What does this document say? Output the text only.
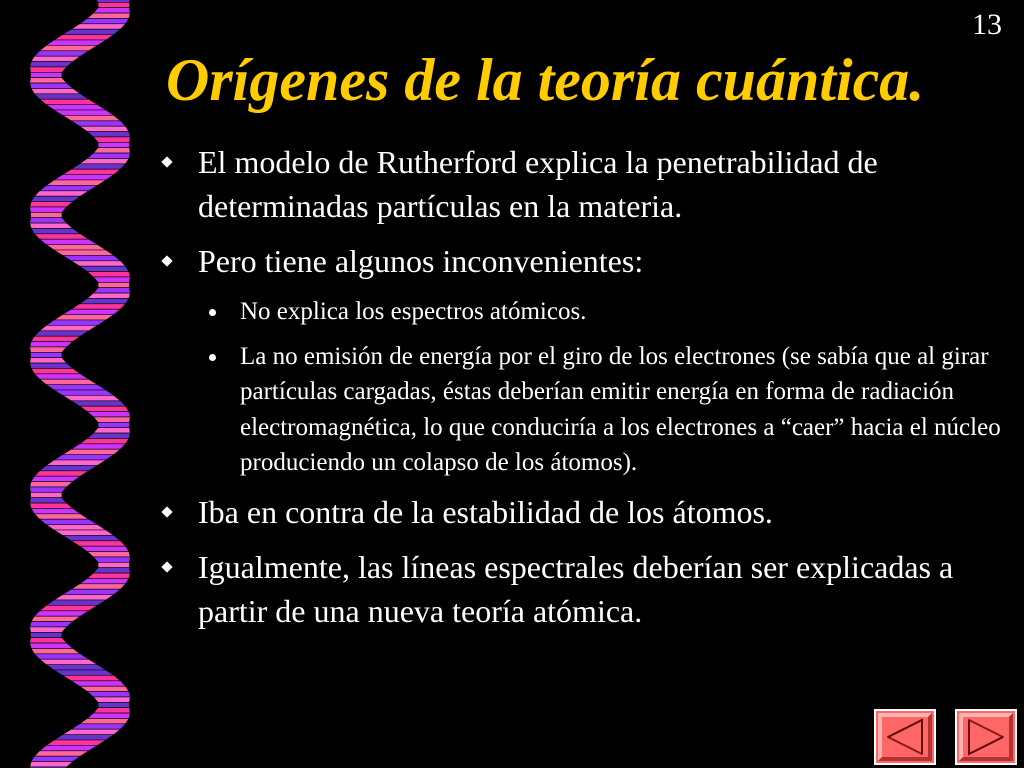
13
Orígenes de la teoría cuántica.
El modelo de Rutherford explica la penetrabilidad de determinadas partículas en la materia.
Pero tiene algunos inconvenientes:
No explica los espectros atómicos.
La no emisión de energía por el giro de los electrones (se sabía que al girar partículas cargadas, éstas deberían emitir energía en forma de radiación electromagnética, lo que conduciría a los electrones a “caer” hacia el núcleo produciendo un colapso de los átomos).
Iba en contra de la estabilidad de los átomos.
Igualmente, las líneas espectrales deberían ser explicadas a partir de una nueva teoría atómica.
